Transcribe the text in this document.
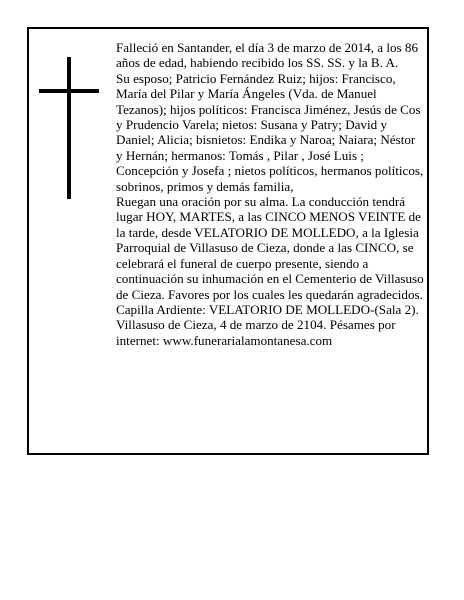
Falleció en Santander, el día 3 de marzo de 2014, a los 86 años de edad, habiendo recibido los SS. SS. y la B. A.

Su esposo; Patricio Fernández Ruiz; hijos: Francisco, María del Pilar y María Ángeles (Vda. de Manuel Tezanos); hijos políticos: Francisca Jiménez, Jesús de Cos y Prudencio Varela; nietos: Susana y Patry; David y Daniel; Alicia; bisnietos: Endika y Naroa; Naiara; Néstor y Hernán; hermanos: Tomás , Pilar , José Luis ; Concepción y Josefa ; nietos políticos, hermanos políticos, sobrinos, primos y demás familia,

Ruegan una oración por su alma. La conducción tendrá lugar HOY, MARTES, a las CINCO MENOS VEINTE de la tarde, desde VELATORIO DE MOLLEDO, a la Iglesia Parroquial de Villasuso de Cieza, donde a las CINCO, se celebrará el funeral de cuerpo presente, siendo a continuación su inhumación en el Cementerio de Villasuso de Cieza. Favores por los cuales les quedarán agradecidos. Capilla Ardiente: VELATORIO DE MOLLEDO-(Sala 2).

Villasuso de Cieza, 4 de marzo de 2104. Pésames por internet: www.funerarialamontanesa.com
